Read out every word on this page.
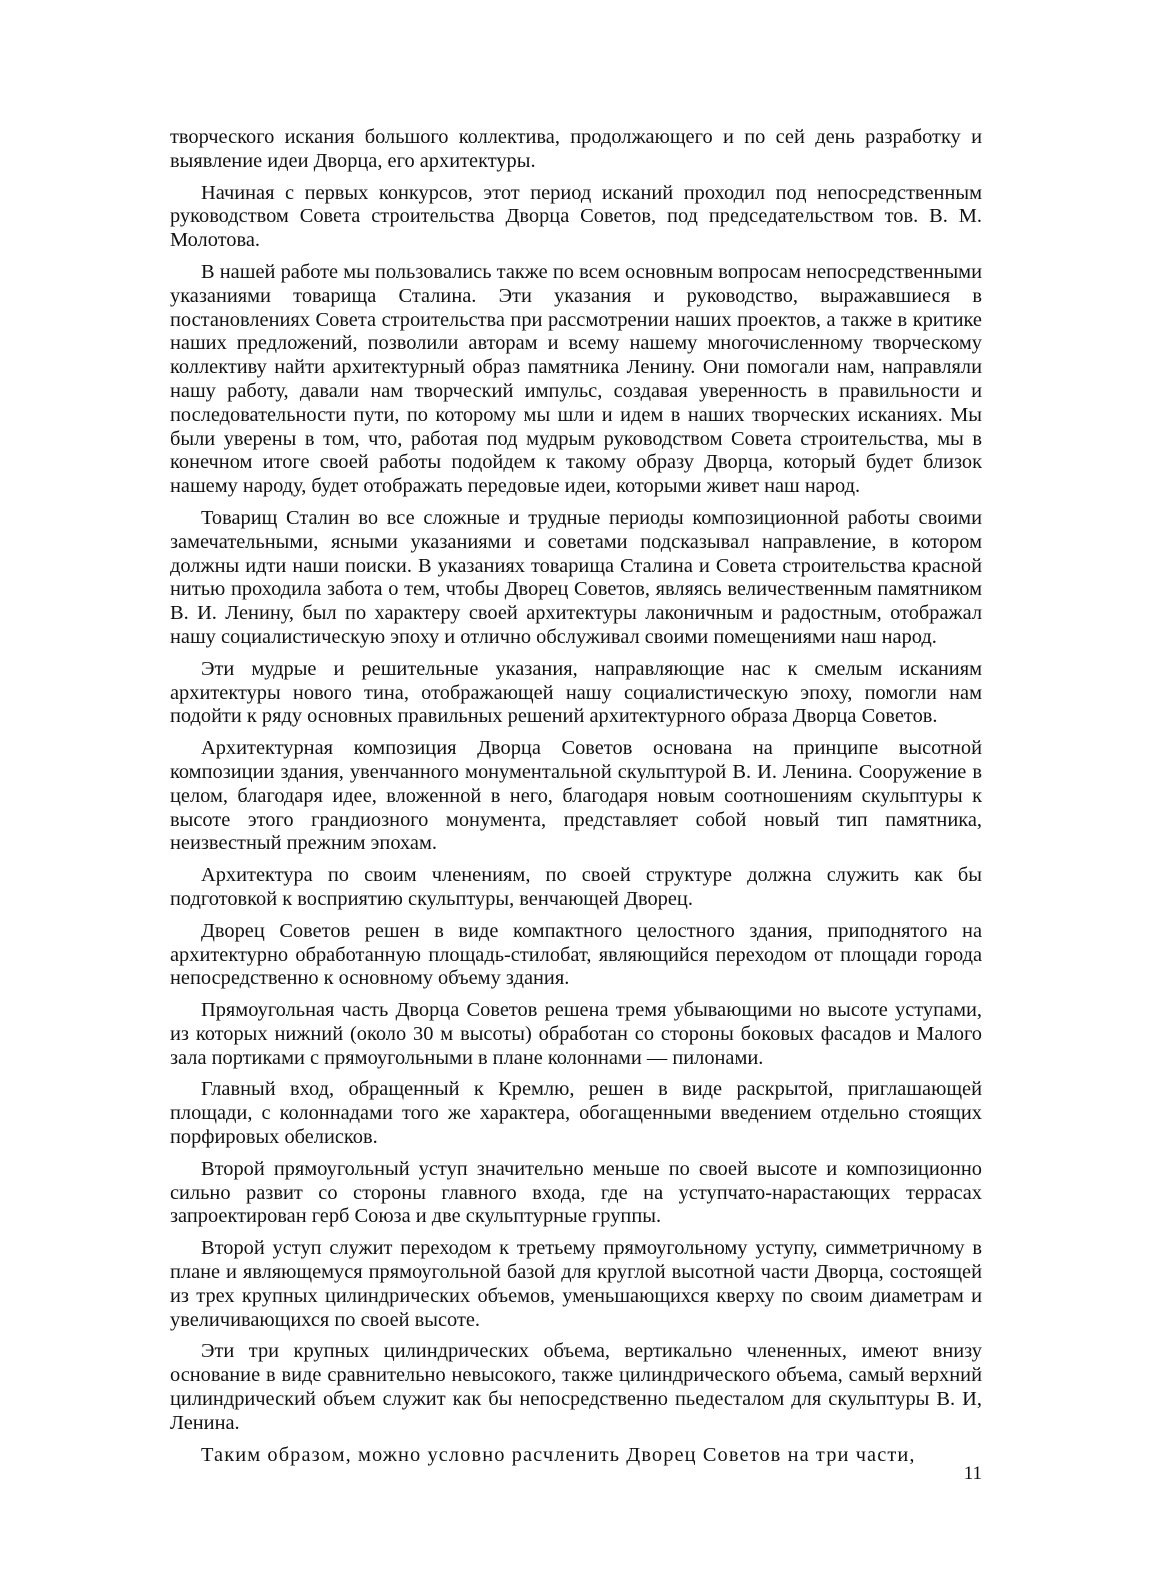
творческого искания большого коллектива, продолжающего и по сей день разработку и выявление идеи Дворца, его архитектуры.

Начиная с первых конкурсов, этот период исканий проходил под непосредственным руководством Совета строительства Дворца Советов, под председательством тов. В. М. Молотова.

В нашей работе мы пользовались также по всем основным вопросам непосредственными указаниями товарища Сталина. Эти указания и руководство, выражавшиеся в постановлениях Совета строительства при рассмотрении наших проектов, а также в критике наших предложений, позволили авторам и всему нашему многочисленному творческому коллективу найти архитектурный образ памятника Ленину. Они помогали нам, направляли нашу работу, давали нам творческий импульс, создавая уверенность в правильности и последовательности пути, по которому мы шли и идем в наших творческих исканиях. Мы были уверены в том, что, работая под мудрым руководством Совета строительства, мы в конечном итоге своей работы подойдем к такому образу Дворца, который будет близок нашему народу, будет отображать передовые идеи, которыми живет наш народ.

Товарищ Сталин во все сложные и трудные периоды композиционной работы своими замечательными, ясными указаниями и советами подсказывал направление, в котором должны идти наши поиски. В указаниях товарища Сталина и Совета строительства красной нитью проходила забота о тем, чтобы Дворец Советов, являясь величественным памятником В. И. Ленину, был по характеру своей архитектуры лаконичным и радостным, отображал нашу социалистическую эпоху и отлично обслуживал своими помещениями наш народ.

Эти мудрые и решительные указания, направляющие нас к смелым исканиям архитектуры нового тина, отображающей нашу социалистическую эпоху, помогли нам подойти к ряду основных правильных решений архитектурного образа Дворца Советов.

Архитектурная композиция Дворца Советов основана на принципе высотной композиции здания, увенчанного монументальной скульптурой В. И. Ленина. Сооружение в целом, благодаря идее, вложенной в него, благодаря новым соотношениям скульптуры к высоте этого грандиозного монумента, представляет собой новый тип памятника, неизвестный прежним эпохам.

Архитектура по своим членениям, по своей структуре должна служить как бы подготовкой к восприятию скульптуры, венчающей Дворец.

Дворец Советов решен в виде компактного целостного здания, приподнятого на архитектурно обработанную площадь-стилобат, являющийся переходом от площади города непосредственно к основному объему здания.

Прямоугольная часть Дворца Советов решена тремя убывающими но высоте уступами, из которых нижний (около 30 м высоты) обработан со стороны боковых фасадов и Малого зала портиками с прямоугольными в плане колоннами — пилонами.

Главный вход, обращенный к Кремлю, решен в виде раскрытой, приглашающей площади, с колоннадами того же характера, обогащенными введением отдельно стоящих порфировых обелисков.

Второй прямоугольный уступ значительно меньше по своей высоте и композиционно сильно развит со стороны главного входа, где на уступчато-нарастающих террасах запроектирован герб Союза и две скульптурные группы.

Второй уступ служит переходом к третьему прямоугольному уступу, симметричному в плане и являющемуся прямоугольной базой для круглой высотной части Дворца, состоящей из трех крупных цилиндрических объемов, уменьшающихся кверху по своим диаметрам и увеличивающихся по своей высоте.

Эти три крупных цилиндрических объема, вертикально члененных, имеют внизу основание в виде сравнительно невысокого, также цилиндрического объема, самый верхний цилиндрический объем служит как бы непосредственно пьедесталом для скульптуры В. И, Ленина.

Таким образом, можно условно расчленить Дворец Советов на три части,

11
